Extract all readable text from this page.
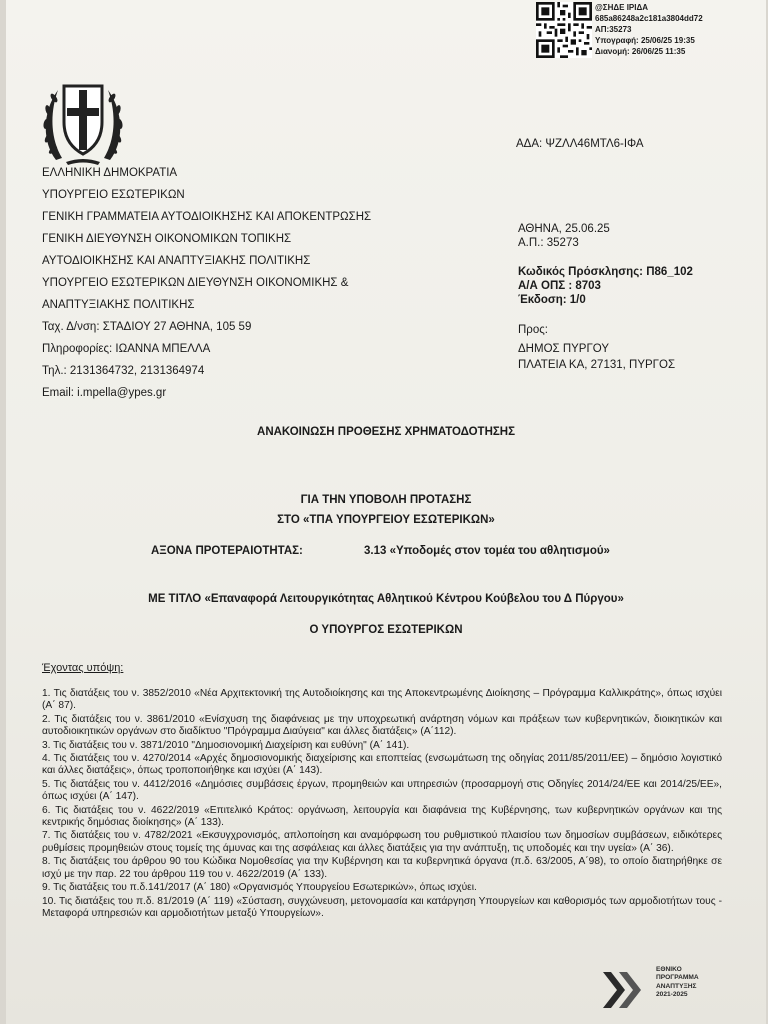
@ΣΗΔΕ ΙΡΙΔΑ
685a86248a2c181a3804dd72
ΑΠ:35273
Υπογραφή: 25/06/25 19:35
Διανομή: 26/06/25 11:35
ΕΛΛΗΝΙΚΗ ΔΗΜΟΚΡΑΤΙΑ
ΥΠΟΥΡΓΕΙΟ ΕΣΩΤΕΡΙΚΩΝ
ΓΕΝΙΚΗ ΓΡΑΜΜΑΤΕΙΑ ΑΥΤΟΔΙΟΙΚΗΣΗΣ ΚΑΙ ΑΠΟΚΕΝΤΡΩΣΗΣ
ΓΕΝΙΚΗ ΔΙΕΥΘΥΝΣΗ ΟΙΚΟΝΟΜΙΚΩΝ ΤΟΠΙΚΗΣ
ΑΥΤΟΔΙΟΙΚΗΣΗΣ ΚΑΙ ΑΝΑΠΤΥΞΙΑΚΗΣ ΠΟΛΙΤΙΚΗΣ
ΥΠΟΥΡΓΕΙΟ ΕΣΩΤΕΡΙΚΩΝ ΔΙΕΥΘΥΝΣΗ ΟΙΚΟΝΟΜΙΚΗΣ &
ΑΝΑΠΤΥΞΙΑΚΗΣ ΠΟΛΙΤΙΚΗΣ
Ταχ. Δ/νση: ΣΤΑΔΙΟΥ 27 ΑΘΗΝΑ, 105 59
Πληροφορίες: ΙΩΑΝΝΑ ΜΠΕΛΛΑ
Τηλ.: 2131364732, 2131364974
Email: i.mpella@ypes.gr
ΑΔΑ: ΨΖΛΛ46ΜΤΛ6-ΙΦΑ
ΑΘΗΝΑ, 25.06.25
Α.Π.: 35273
Κωδικός Πρόσκλησης: Π86_102
Α/Α ΟΠΣ : 8703
Έκδοση: 1/0
Προς:
ΔΗΜΟΣ ΠΥΡΓΟΥ
ΠΛΑΤΕΙΑ ΚΑ, 27131, ΠΥΡΓΟΣ
ΑΝΑΚΟΙΝΩΣΗ ΠΡΟΘΕΣΗΣ ΧΡΗΜΑΤΟΔΟΤΗΣΗΣ
ΓΙΑ ΤΗΝ ΥΠΟΒΟΛΗ ΠΡΟΤΑΣΗΣ
ΣΤΟ «ΤΠΑ ΥΠΟΥΡΓΕΙΟΥ ΕΣΩΤΕΡΙΚΩΝ»
ΑΞΟΝΑ ΠΡΟΤΕΡΑΙΟΤΗΤΑΣ:	3.13 «Υποδομές στον τομέα του αθλητισμού»
ΜΕ ΤΙΤΛΟ «Επαναφορά Λειτουργικότητας Αθλητικού Κέντρου Κούβελου του Δ Πύργου»
Ο ΥΠΟΥΡΓΟΣ ΕΣΩΤΕΡΙΚΩΝ
Έχοντας υπόψη:

1. Τις διατάξεις του ν. 3852/2010 «Νέα Αρχιτεκτονική της Αυτοδιοίκησης και της Αποκεντρωμένης Διοίκησης – Πρόγραμμα Καλλικράτης», όπως ισχύει (Α΄ 87).

2. Τις διατάξεις του ν. 3861/2010 «Ενίσχυση της διαφάνειας με την υποχρεωτική ανάρτηση νόμων και πράξεων των κυβερνητικών, διοικητικών και αυτοδιοικητικών οργάνων στο διαδίκτυο "Πρόγραμμα Διαύγεια" και άλλες διατάξεις» (Α΄112).

3. Τις διατάξεις του ν. 3871/2010 "Δημοσιονομική Διαχείριση και ευθύνη" (Α΄ 141).

4. Τις διατάξεις του ν. 4270/2014 «Αρχές δημοσιονομικής διαχείρισης και εποπτείας (ενσωμάτωση της οδηγίας 2011/85/2011/ΕΕ) – δημόσιο λογιστικό και άλλες διατάξεις», όπως τροποποιήθηκε και ισχύει (Α΄ 143).

5. Τις διατάξεις του ν. 4412/2016 «Δημόσιες συμβάσεις έργων, προμηθειών και υπηρεσιών (προσαρμογή στις Οδηγίες 2014/24/ΕΕ και 2014/25/ΕΕ», όπως ισχύει (Α΄ 147).

6. Τις διατάξεις του ν. 4622/2019 «Επιτελικό Κράτος: οργάνωση, λειτουργία και διαφάνεια της Κυβέρνησης, των κυβερνητικών οργάνων και της κεντρικής δημόσιας διοίκησης» (Α΄ 133).

7. Τις διατάξεις του ν. 4782/2021 «Εκσυγχρονισμός, απλοποίηση και αναμόρφωση του ρυθμιστικού πλαισίου των δημοσίων συμβάσεων, ειδικότερες ρυθμίσεις προμηθειών στους τομείς της άμυνας και της ασφάλειας και άλλες διατάξεις για την ανάπτυξη, τις υποδομές και την υγεία» (Α΄ 36).

8. Τις διατάξεις του άρθρου 90 του Κώδικα Νομοθεσίας για την Κυβέρνηση και τα κυβερνητικά όργανα (π.δ. 63/2005, Α΄98), το οποίο διατηρήθηκε σε ισχύ με την παρ. 22 του άρθρου 119 του ν. 4622/2019 (Α΄ 133).

9. Τις διατάξεις του π.δ.141/2017 (Α΄ 180) «Οργανισμός Υπουργείου Εσωτερικών», όπως ισχύει.

10. Τις διατάξεις του π.δ. 81/2019 (Α΄ 119) «Σύσταση, συγχώνευση, μετονομασία και κατάργηση Υπουργείων και καθορισμός των αρμοδιοτήτων τους - Μεταφορά υπηρεσιών και αρμοδιοτήτων μεταξύ Υπουργείων».

ΕΘΝΙΚΟ
ΠΡΟΓΡΑΜΜΑ
ΑΝΑΠΤΥΞΗΣ
2021-2025
